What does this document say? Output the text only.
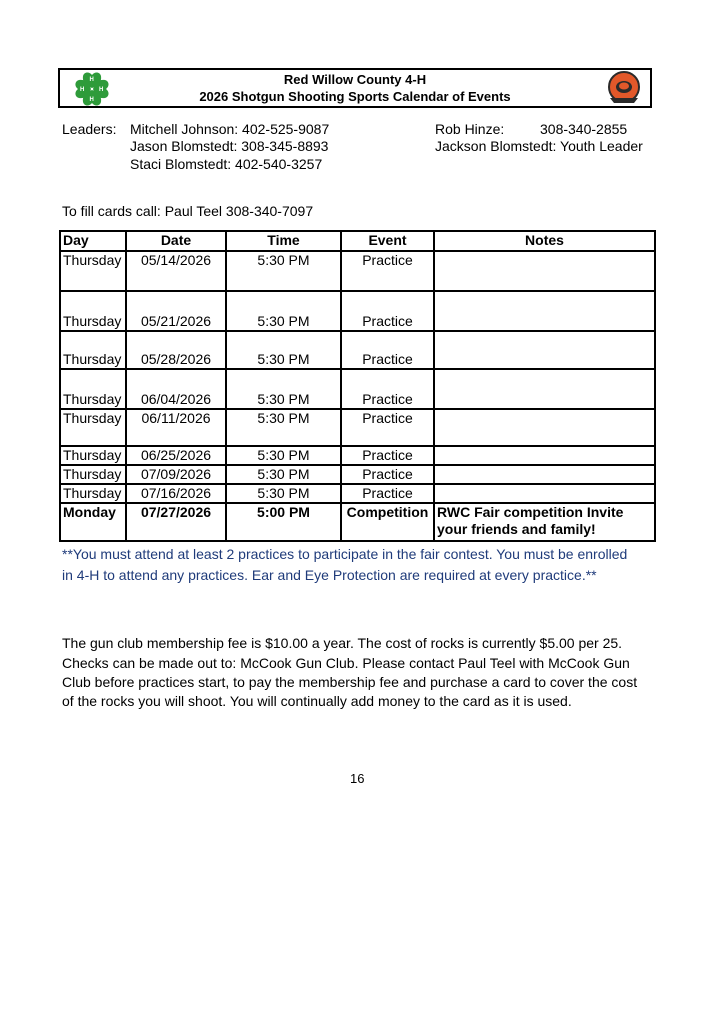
H
H
H
H
Red Willow County 4-H
2026 Shotgun Shooting Sports Calendar of Events
Leaders: Mitchell Johnson: 402-525-9087
Jason Blomstedt: 308-345-8893
Staci Blomstedt: 402-540-3257
Rob Hinze:	308-340-2855
Jackson Blomstedt: Youth Leader
To fill cards call: Paul Teel 308-340-7097
Day	Date	Time	Event	Notes
Thursday	05/14/2026	5:30 PM	Practice	
Thursday	05/21/2026	5:30 PM	Practice	
Thursday	05/28/2026	5:30 PM	Practice	
Thursday	06/04/2026	5:30 PM	Practice	
Thursday	06/11/2026	5:30 PM	Practice	
Thursday	06/25/2026	5:30 PM	Practice	
Thursday	07/09/2026	5:30 PM	Practice	
Thursday	07/16/2026	5:30 PM	Practice	
Monday	07/27/2026	5:00 PM	Competition	RWC Fair competition Invite your friends and family!
**You must attend at least 2 practices to participate in the fair contest. You must be enrolled
in 4-H to attend any practices. Ear and Eye Protection are required at every practice.**
The gun club membership fee is $10.00 a year. The cost of rocks is currently $5.00 per 25.
Checks can be made out to: McCook Gun Club. Please contact Paul Teel with McCook Gun
Club before practices start, to pay the membership fee and purchase a card to cover the cost
of the rocks you will shoot. You will continually add money to the card as it is used.
16
